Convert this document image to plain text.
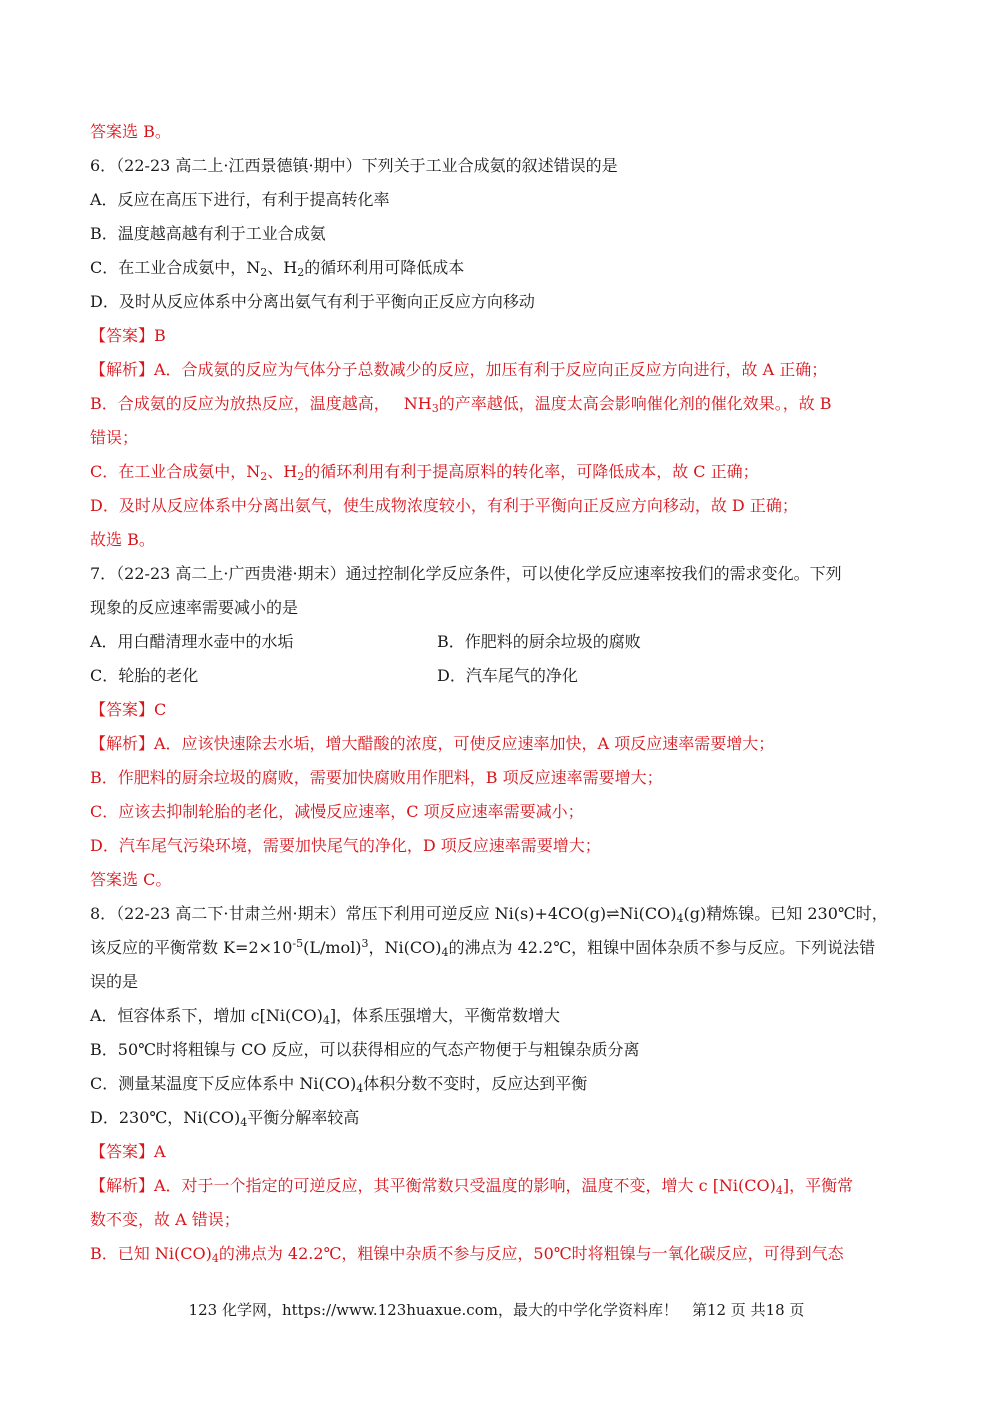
答案选 B。
6．（22-23 高二上·江西景德镇·期中）下列关于工业合成氨的叙述错误的是
A．反应在高压下进行，有利于提高转化率
B．温度越高越有利于工业合成氨
C．在工业合成氨中，$N_2$、$H_2$的循环利用可降低成本
D．及时从反应体系中分离出氨气有利于平衡向正反应方向移动
【答案】B
【解析】A．合成氨的反应为气体分子总数减少的反应，加压有利于反应向正反应方向进行，故 A 正确；
B．合成氨的反应为放热反应，温度越高， $NH_3$的产率越低，温度太高会影响催化剂的催化效果。，故 B
错误；
C．在工业合成氨中，$N_2$、$H_2$的循环利用有利于提高原料的转化率，可降低成本，故 C 正确；
D．及时从反应体系中分离出氨气，使生成物浓度较小，有利于平衡向正反应方向移动，故 D 正确；
故选 B。
7．（22-23 高二上·广西贵港·期末）通过控制化学反应条件，可以使化学反应速率按我们的需求变化。下列
现象的反应速率需要减小的是
A．用白醋清理水壶中的水垢	B．作肥料的厨余垃圾的腐败
C．轮胎的老化	D．汽车尾气的净化
【答案】C
【解析】A．应该快速除去水垢，增大醋酸的浓度，可使反应速率加快，A 项反应速率需要增大；
B．作肥料的厨余垃圾的腐败，需要加快腐败用作肥料，B 项反应速率需要增大；
C．应该去抑制轮胎的老化，减慢反应速率，C 项反应速率需要减小；
D．汽车尾气污染环境，需要加快尾气的净化，D 项反应速率需要增大；
答案选 C。
8．（22-23 高二下·甘肃兰州·期末）常压下利用可逆反应 $Ni(s)+4CO(g)\rightleftharpoons Ni(CO)_4(g)$精炼镍。已知 230℃时，
该反应的平衡常数 $K=2\times 10^{-5}(L/mol)^3$，$Ni(CO)_4$的沸点为 42.2℃，粗镍中固体杂质不参与反应。下列说法错
误的是
A．恒容体系下，增加 $c[Ni(CO)_4]$，体系压强增大，平衡常数增大
B．50℃时将粗镍与 CO 反应，可以获得相应的气态产物便于与粗镍杂质分离
C．测量某温度下反应体系中 $Ni(CO)_4$体积分数不变时，反应达到平衡
D．230℃，$Ni(CO)_4$平衡分解率较高
【答案】A
【解析】A．对于一个指定的可逆反应，其平衡常数只受温度的影响，温度不变，增大 c $[Ni(CO)_4]$，平衡常
数不变，故 A 错误；
B．已知 $Ni(CO)_4$的沸点为 42.2℃，粗镍中杂质不参与反应，50℃时将粗镍与一氧化碳反应，可得到气态
123 化学网，https://www.123huaxue.com，最大的中学化学资料库！ 第12 页 共18 页
